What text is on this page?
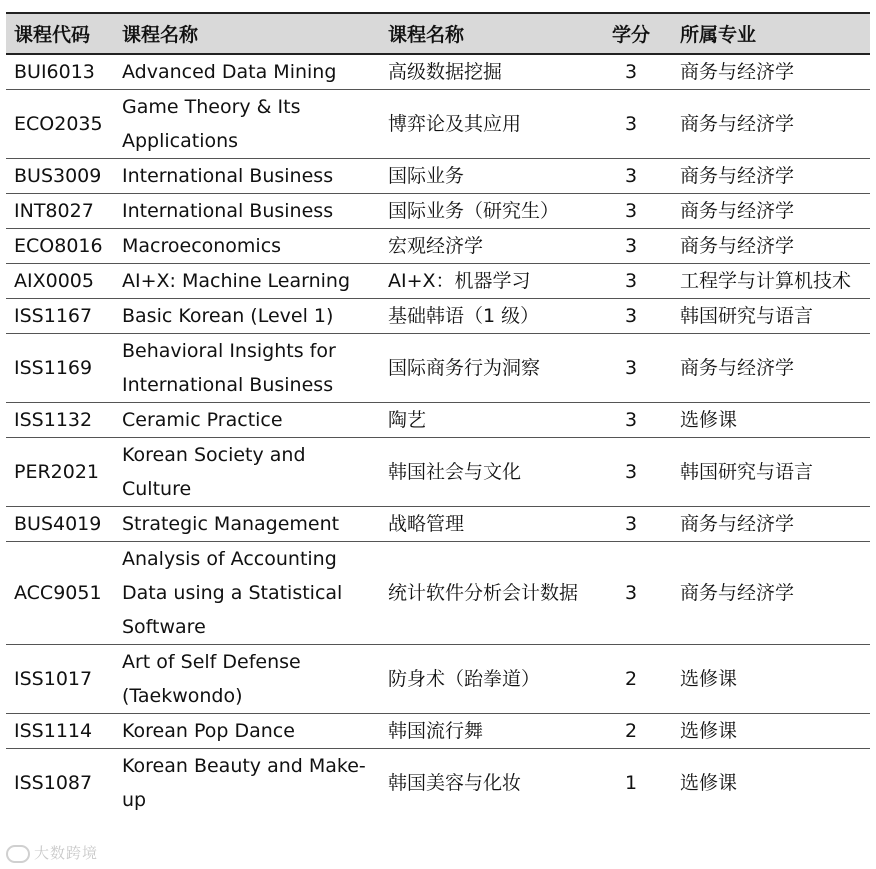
课程代码	课程名称	课程名称	学分	所属专业
BUI6013	Advanced Data Mining	高级数据挖掘	3	商务与经济学
ECO2035	Game Theory & Its Applications	博弈论及其应用	3	商务与经济学
BUS3009	International Business	国际业务	3	商务与经济学
INT8027	International Business	国际业务（研究生）	3	商务与经济学
ECO8016	Macroeconomics	宏观经济学	3	商务与经济学
AIX0005	AI+X: Machine Learning	AI+X：机器学习	3	工程学与计算机技术
ISS1167	Basic Korean (Level 1)	基础韩语（1 级）	3	韩国研究与语言
ISS1169	Behavioral Insights for International Business	国际商务行为洞察	3	商务与经济学
ISS1132	Ceramic Practice	陶艺	3	选修课
PER2021	Korean Society and Culture	韩国社会与文化	3	韩国研究与语言
BUS4019	Strategic Management	战略管理	3	商务与经济学
ACC9051	Analysis of Accounting Data using a Statistical Software	统计软件分析会计数据	3	商务与经济学
ISS1017	Art of Self Defense (Taekwondo)	防身术（跆拳道）	2	选修课
ISS1114	Korean Pop Dance	韩国流行舞	2	选修课
ISS1087	Korean Beauty and Make-up	韩国美容与化妆	1	选修课
大数跨境
